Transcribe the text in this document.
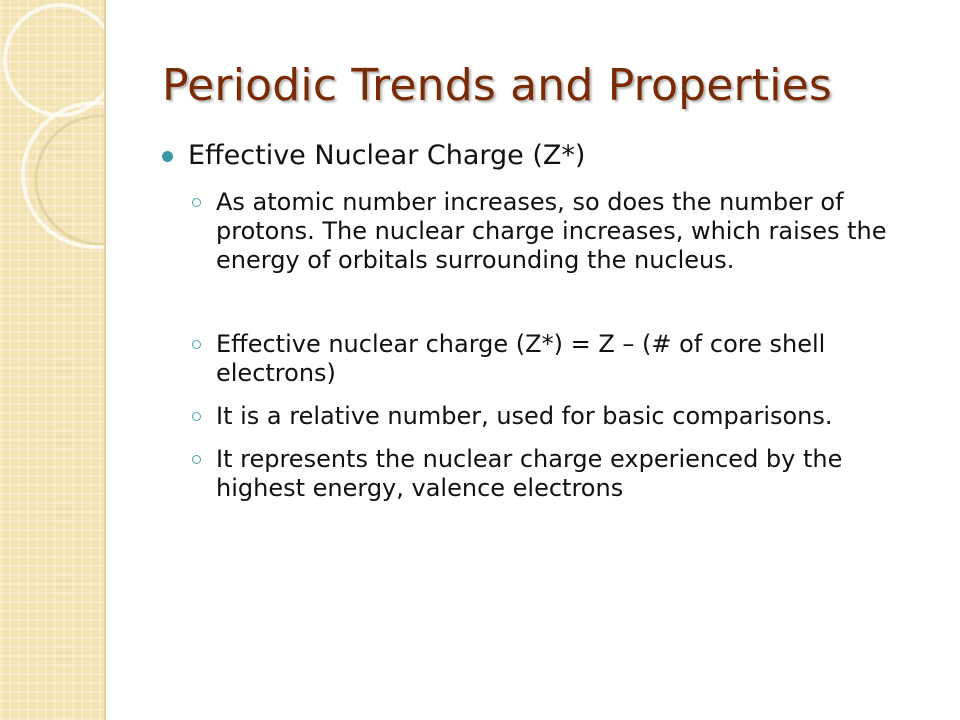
Periodic Trends and Properties
Effective Nuclear Charge (Z*)
As atomic number increases, so does the number of protons. The nuclear charge increases, which raises the energy of orbitals surrounding the nucleus.
Effective nuclear charge (Z*) = Z – (# of core shell electrons)
It is a relative number, used for basic comparisons.
It represents the nuclear charge experienced by the highest energy, valence electrons
